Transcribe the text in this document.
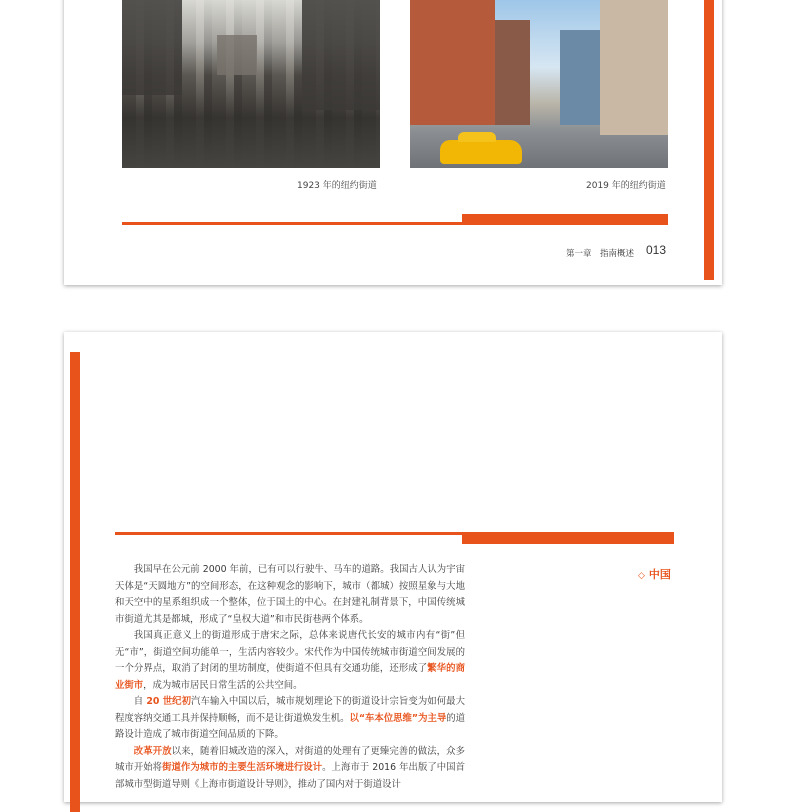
1923 年的纽约街道	2019 年的纽约街道
第一章　指南概述 013
◇ 中国

我国早在公元前 2000 年前，已有可以行驶牛、马车的道路。我国古人认为宇宙天体是“天圆地方”的空间形态，在这种观念的影响下，城市（都城）按照星象与大地和天空中的星系组织成一个整体，位于国土的中心。在封建礼制背景下，中国传统城市街道尤其是都城，形成了“皇权大道”和市民街巷两个体系。

我国真正意义上的街道形成于唐宋之际，总体来说唐代长安的城市内有“街”但无“市”，街道空间功能单一，生活内容较少。宋代作为中国传统城市街道空间发展的一个分界点，取消了封闭的里坊制度，使街道不但具有交通功能，还形成了繁华的商业街市，成为城市居民日常生活的公共空间。

自 20 世纪初汽车输入中国以后，城市规划理论下的街道设计宗旨变为如何最大程度容纳交通工具并保持顺畅，而不是让街道焕发生机。以“车本位思维”为主导的道路设计造成了城市街道空间品质的下降。

改革开放以来，随着旧城改造的深入，对街道的处理有了更臻完善的做法，众多城市开始将街道作为城市的主要生活环境进行设计。上海市于 2016 年出版了中国首部城市型街道导则《上海市街道设计导则》，推动了国内对于街道设计
